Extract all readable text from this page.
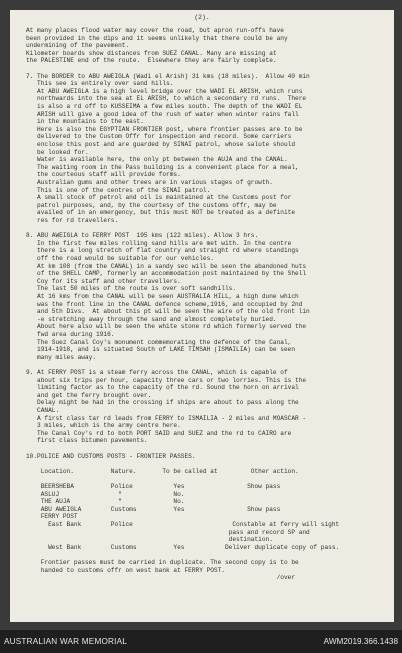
(2).
At many places flood water may cover the road, but apron run-offs have
been provided in the dips and it seems unlikely that there could be any
undermining of the pavement.
Kilometer boards show distances from SUEZ CANAL. Many are missing at
the PALESTINE end of the route.  Elsewhere they are fairly complete.
7. The BORDER to ABU AWEIGLA (Wadi el Arish) 31 kms (18 miles).  Allow 40 min
This see is entirely over sand hills.
At ABU AWEIGLA is a high level bridge over the WADI EL ARISH, which runs
northwards into the sea at EL ARISH, to which a secondary rd runs.  There
is also a rd off to KUSSEIMA a few miles south. The depth of the WADI EL
ARISH will give a good idea of the rush of water when winter rains fall
in the mountains to the east.
Here is also the EGYPTIAN FRONTIER post, where frontier passes are to be
delivered to the Custom Offr for inspection and record. Some carriers
enclose this post and are guarded by SINAI patrol, whose salute should
be looked for.
Water is available here, the only pt between the AUJA and the CANAL.
The waiting room in the Pass building is a convenient place for a meal,
the courteous staff will provide forms.
Australian gums and other trees are in various stages of growth.
This is one of the centres of the SINAI patrol.
A small stock of petrol and oil is maintained at the Customs post for
patrol purposes, and, by the courtesy of the customs offr, may be
availed of in an emergency, but this must NOT be treated as a definite
res for rd travellers.
8. ABU AWEIGLA to FERRY POST  195 kms (122 miles). Allow 3 hrs.
In the first few miles rolling sand hills are met with. In the centre
there is a long stretch of flat country and straight rd where standings
off the road would be suitable for our vehicles.
At km 108 (from the CANAL) in a sandy sec will be seen the abandoned huts
of the SHELL CAMP, formerly an accommodation post maintained by the Shell
Coy for its staff and other travellers.
The last 50 miles of the route is over soft sandhills.
At 16 kms from the CANAL will be seen AUSTRALIA HILL, a high dune which
was the front line in the CANAL defence scheme,1916, and occupied by 2nd
and 5th Divs.  At about this pt will be seen the wire of the old front lin
-e stretching away through the sand and almost completely buried.
About here also will be seen the white stone rd which formerly served the
fwd area during 1916.
The Suez Canal Coy's monument commemorating the defence of the Canal,
1914-1918, and is situated South of LAKE TIMSAH (ISMAILIA) can be seen
many miles away.
9. At FERRY POST is a steam ferry across the CANAL, which is capable of
about six trips per hour, capacity three cars or two lorries. This is the
limiting factor as to the capacity of the rd. Sound the horn on arrival
and get the ferry brought over.
Delay might be had in the crossing if ships are about to pass along the
CANAL.
A first class tar rd leads from FERRY to ISMAILIA - 2 miles and MOASCAR -
3 miles, which is the army centre here.
The Canal Coy's rd to both PORT SAID and SUEZ and the rd to CAIRO are
first class bitumen pavements.
10.POLICE AND CUSTOMS POSTS - FRONTIER PASSES.
Location.          Nature.       To be called at         Other action.
BEERSHEBA          Police           Yes                 Show pass
ASLUJ                "              No.
THE AUJA             "              No.
ABU AWEIGLA        Customs          Yes                 Show pass
FERRY POST
East Bank        Police                           Constable at ferry will sight
pass and record SP and
destination.
West Bank        Customs          Yes           Deliver duplicate copy of pass.
Frontier passes must be carried in duplicate. The second copy is to be
handed to customs offr on west bank at FERRY POST.
/over
AUSTRALIAN WAR MEMORIAL	AWM2019.366.1438
